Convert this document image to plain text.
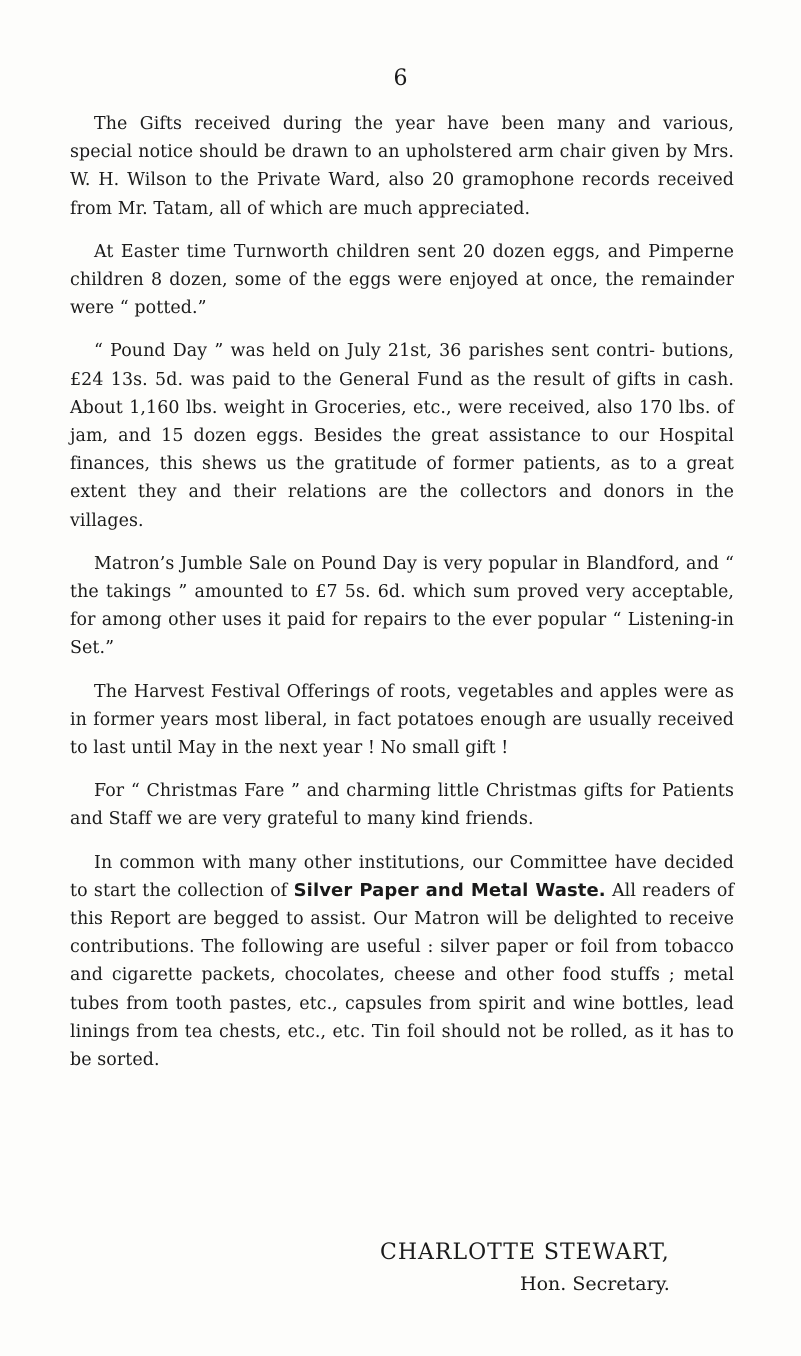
6

The Gifts received during the year have been many and various, special notice should be drawn to an upholstered arm chair given by Mrs. W. H. Wilson to the Private Ward, also 20 gramophone records received from Mr. Tatam, all of which are much appreciated.

At Easter time Turnworth children sent 20 dozen eggs, and Pimperne children 8 dozen, some of the eggs were enjoyed at once, the remainder were “ potted.”

“ Pound Day ” was held on July 21st, 36 parishes sent contri- butions, £24 13s. 5d. was paid to the General Fund as the result of gifts in cash. About 1,160 lbs. weight in Groceries, etc., were received, also 170 lbs. of jam, and 15 dozen eggs. Besides the great assistance to our Hospital finances, this shews us the gratitude of former patients, as to a great extent they and their relations are the collectors and donors in the villages.

Matron’s Jumble Sale on Pound Day is very popular in Blandford, and “ the takings ” amounted to £7 5s. 6d. which sum proved very acceptable, for among other uses it paid for repairs to the ever popular “ Listening-in Set.”

The Harvest Festival Offerings of roots, vegetables and apples were as in former years most liberal, in fact potatoes enough are usually received to last until May in the next year ! No small gift !

For “ Christmas Fare ” and charming little Christmas gifts for Patients and Staff we are very grateful to many kind friends.

In common with many other institutions, our Committee have decided to start the collection of Silver Paper and Metal Waste. All readers of this Report are begged to assist. Our Matron will be delighted to receive contributions. The following are useful : silver paper or foil from tobacco and cigarette packets, chocolates, cheese and other food stuffs ; metal tubes from tooth pastes, etc., capsules from spirit and wine bottles, lead linings from tea chests, etc., etc. Tin foil should not be rolled, as it has to be sorted.

CHARLOTTE STEWART,
Hon. Secretary.
